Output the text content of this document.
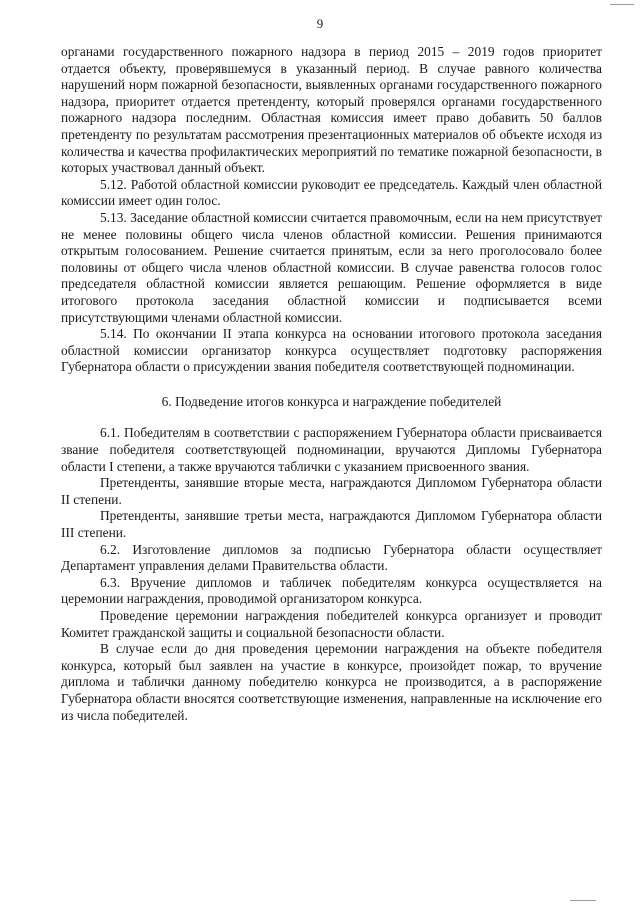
9

органами государственного пожарного надзора в период 2015 – 2019 годов приоритет отдается объекту, проверявшемуся в указанный период. В случае равного количества нарушений норм пожарной безопасности, выявленных органами государственного пожарного надзора, приоритет отдается претенденту, который проверялся органами государственного пожарного надзора последним. Областная комиссия имеет право добавить 50 баллов претенденту по результатам рассмотрения презентационных материалов об объекте исходя из количества и качества профилактических мероприятий по тематике пожарной безопасности, в которых участвовал данный объект.

5.12. Работой областной комиссии руководит ее председатель. Каждый член областной комиссии имеет один голос.

5.13. Заседание областной комиссии считается правомочным, если на нем присутствует не менее половины общего числа членов областной комиссии. Решения принимаются открытым голосованием. Решение считается принятым, если за него проголосовало более половины от общего числа членов областной комиссии. В случае равенства голосов голос председателя областной комиссии является решающим. Решение оформляется в виде итогового протокола заседания областной комиссии и подписывается всеми присутствующими членами областной комиссии.

5.14. По окончании II этапа конкурса на основании итогового протокола заседания областной комиссии организатор конкурса осуществляет подготовку распоряжения Губернатора области о присуждении звания победителя соответствующей подноминации.

6. Подведение итогов конкурса и награждение победителей

6.1. Победителям в соответствии с распоряжением Губернатора области присваивается звание победителя соответствующей подноминации, вручаются Дипломы Губернатора области I степени, а также вручаются таблички с указанием присвоенного звания.

Претенденты, занявшие вторые места, награждаются Дипломом Губернатора области II степени.

Претенденты, занявшие третьи места, награждаются Дипломом Губернатора области III степени.

6.2. Изготовление дипломов за подписью Губернатора области осуществляет Департамент управления делами Правительства области.

6.3. Вручение дипломов и табличек победителям конкурса осуществляется на церемонии награждения, проводимой организатором конкурса.

Проведение церемонии награждения победителей конкурса организует и проводит Комитет гражданской защиты и социальной безопасности области.

В случае если до дня проведения церемонии награждения на объекте победителя конкурса, который был заявлен на участие в конкурсе, произойдет пожар, то вручение диплома и таблички данному победителю конкурса не производится, а в распоряжение Губернатора области вносятся соответствующие изменения, направленные на исключение его из числа победителей.
